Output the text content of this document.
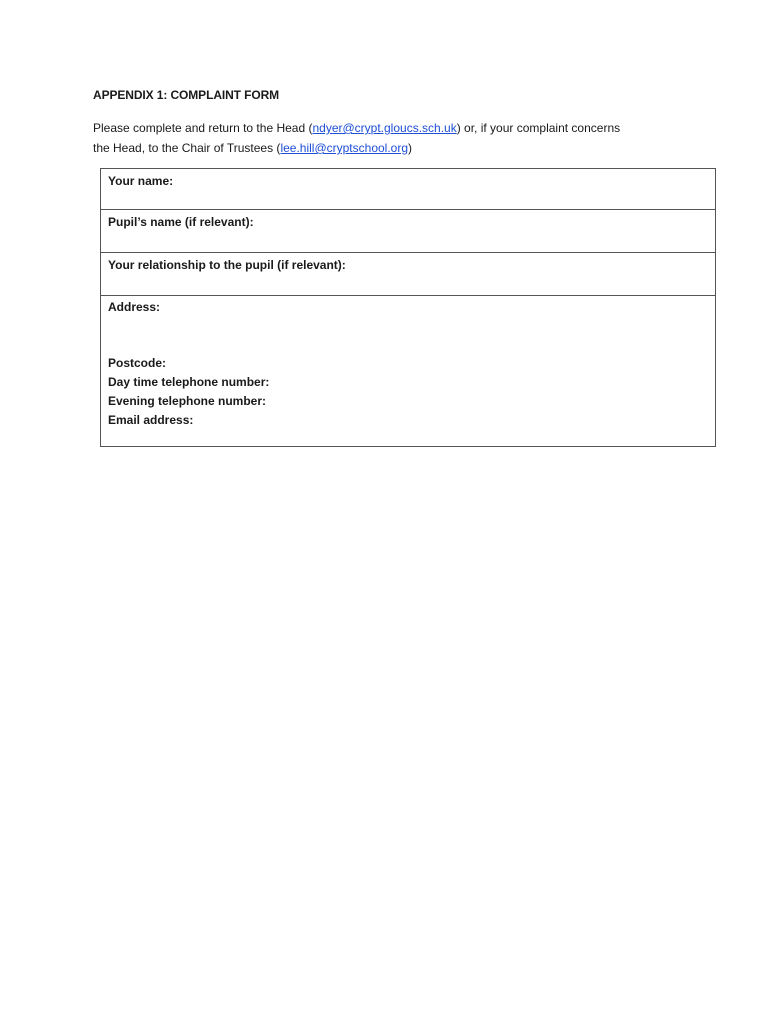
APPENDIX 1: COMPLAINT FORM
Please complete and return to the Head (ndyer@crypt.gloucs.sch.uk) or, if your complaint concerns
the Head, to the Chair of Trustees (lee.hill@cryptschool.org)
Your name:
Pupil’s name (if relevant):
Your relationship to the pupil (if relevant):
Address:
Postcode:
Day time telephone number:
Evening telephone number:
Email address:
